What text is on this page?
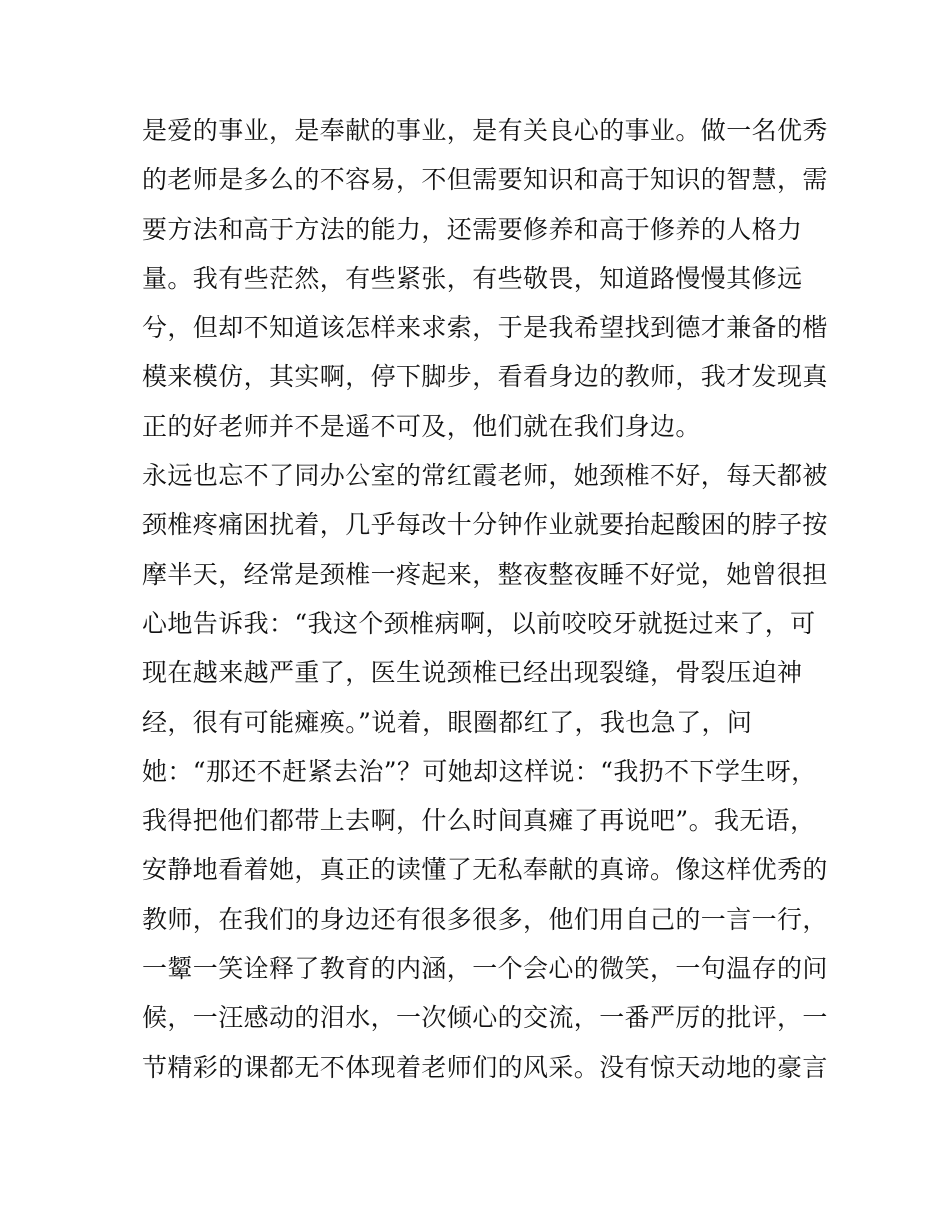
是爱的事业，是奉献的事业，是有关良心的事业。做一名优秀
的老师是多么的不容易，不但需要知识和高于知识的智慧，需
要方法和高于方法的能力，还需要修养和高于修养的人格力
量。我有些茫然，有些紧张，有些敬畏，知道路慢慢其修远
兮，但却不知道该怎样来求索，于是我希望找到德才兼备的楷
模来模仿，其实啊，停下脚步，看看身边的教师，我才发现真
正的好老师并不是遥不可及，他们就在我们身边。
永远也忘不了同办公室的常红霞老师，她颈椎不好，每天都被
颈椎疼痛困扰着，几乎每改十分钟作业就要抬起酸困的脖子按
摩半天，经常是颈椎一疼起来，整夜整夜睡不好觉，她曾很担
心地告诉我：“我这个颈椎病啊，以前咬咬牙就挺过来了，可
现在越来越严重了，医生说颈椎已经出现裂缝，骨裂压迫神
经，很有可能瘫痪。”说着，眼圈都红了，我也急了，问
她：“那还不赶紧去治”？可她却这样说：“我扔不下学生呀，
我得把他们都带上去啊，什么时间真瘫了再说吧”。我无语，
安静地看着她，真正的读懂了无私奉献的真谛。像这样优秀的
教师，在我们的身边还有很多很多，他们用自己的一言一行，
一颦一笑诠释了教育的内涵，一个会心的微笑，一句温存的问
候，一汪感动的泪水，一次倾心的交流，一番严厉的批评，一
节精彩的课都无不体现着老师们的风采。没有惊天动地的豪言
